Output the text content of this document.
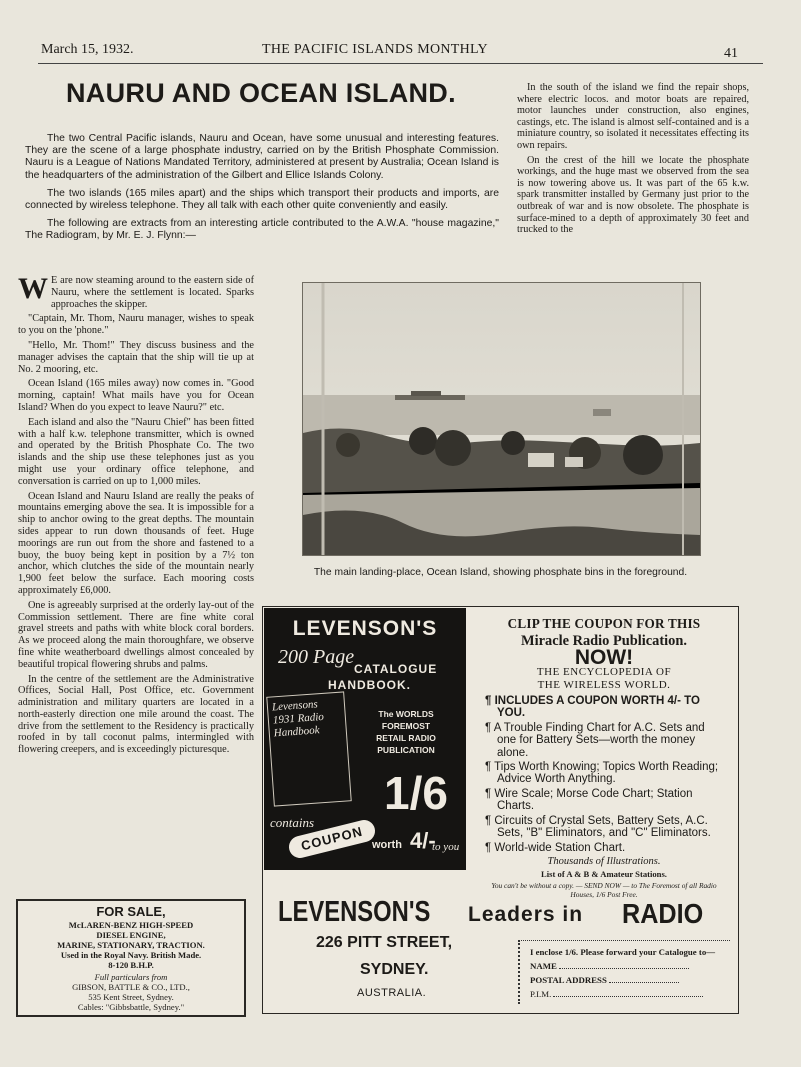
March 15, 1932.	THE PACIFIC ISLANDS MONTHLY	41
NAURU AND OCEAN ISLAND.

The two Central Pacific islands, Nauru and Ocean, have some unusual and interesting features. They are the scene of a large phosphate industry, carried on by the British Phosphate Commission. Nauru is a League of Nations Mandated Territory, administered at present by Australia; Ocean Island is the headquarters of the administration of the Gilbert and Ellice Islands Colony.

The two islands (165 miles apart) and the ships which transport their products and imports, are connected by wireless telephone. They all talk with each other quite conveniently and easily.

The following are extracts from an interesting article contributed to the A.W.A. "house magazine," The Radiogram, by Mr. E. J. Flynn:—

In the south of the island we find the repair shops, where electric locos. and motor boats are repaired, motor launches under construction, also engines, castings, etc. The island is almost self-contained and is a miniature country, so isolated it necessitates effecting its own repairs.

On the crest of the hill we locate the phosphate workings, and the huge mast we observed from the sea is now towering above us. It was part of the 65 k.w. spark transmitter installed by Germany just prior to the outbreak of war and is now obsolete. The phosphate is surface-mined to a depth of approximately 30 feet and trucked to the

W E are now steaming around to the eastern side of Nauru, where the settlement is located. Sparks approaches the skipper.

"Captain, Mr. Thom, Nauru manager, wishes to speak to you on the 'phone."

"Hello, Mr. Thom!" They discuss business and the manager advises the captain that the ship will tie up at No. 2 mooring, etc.

Ocean Island (165 miles away) now comes in. "Good morning, captain! What mails have you for Ocean Island? When do you expect to leave Nauru?" etc.

Each island and also the "Nauru Chief" has been fitted with a half k.w. telephone transmitter, which is owned and operated by the British Phosphate Co. The two islands and the ship use these telephones just as you might use your ordinary office telephone, and conversation is carried on up to 1,000 miles.

Ocean Island and Nauru Island are really the peaks of mountains emerging above the sea. It is impossible for a ship to anchor owing to the great depths. The mountain sides appear to run down thousands of feet. Huge moorings are run out from the shore and fastened to a buoy, the buoy being kept in position by a 7½ ton anchor, which clutches the side of the mountain nearly 1,900 feet below the surface. Each mooring costs approximately £6,000.

One is agreeably surprised at the orderly lay-out of the Commission settlement. There are fine white coral gravel streets and paths with white block coral borders. As we proceed along the main thoroughfare, we observe fine white weatherboard dwellings almost concealed by beautiful tropical flowering shrubs and palms.

In the centre of the settlement are the Administrative Offices, Social Hall, Post Office, etc. Government administration and military quarters are located in a north-easterly direction one mile around the coast. The drive from the settlement to the Residency is practically roofed in by tall coconut palms, intermingled with flowering creepers, and is exceedingly picturesque.

The main landing-place, Ocean Island, showing phosphate bins in the foreground.
FOR SALE,
McLAREN-BENZ HIGH-SPEED
DIESEL ENGINE,
MARINE, STATIONARY, TRACTION.
Used in the Royal Navy. British Made.
8-120 B.H.P.
Full particulars from
GIBSON, BATTLE & CO., LTD.,
535 Kent Street, Sydney.
Cables: "Gibbsbattle, Sydney."
LEVENSON'S
200 Page
CATALOGUE
HANDBOOK.
Levensons 1931 Radio Handbook
The WORLDS
FOREMOST
RETAIL RADIO
PUBLICATION
1/6
contains
COUPON worth 4/-
to you
CLIP THE COUPON FOR THIS
Miracle Radio Publication.
NOW!
THE ENCYCLOPEDIA OF
THE WIRELESS WORLD.
¶ INCLUDES A COUPON WORTH 4/- TO YOU.
¶ A Trouble Finding Chart for A.C. Sets and one for Battery Sets—worth the money alone.
¶ Tips Worth Knowing; Topics Worth Reading; Advice Worth Anything.
¶ Wire Scale; Morse Code Chart; Station Charts.
¶ Circuits of Crystal Sets, Battery Sets, A.C. Sets, "B" Eliminators, and "C" Eliminators.
¶ World-wide Station Chart.
Thousands of Illustrations.
List of A & B & Amateur Stations.
You can't be without a copy. — SEND NOW — to The Foremost of all Radio Houses, 1/6 Post Free.
LEVENSON'S Leaders in RADIO
226 PITT STREET,
SYDNEY.
AUSTRALIA.
I enclose 1/6. Please forward your Catalogue to—
NAME
POSTAL ADDRESS
P.I.M.
